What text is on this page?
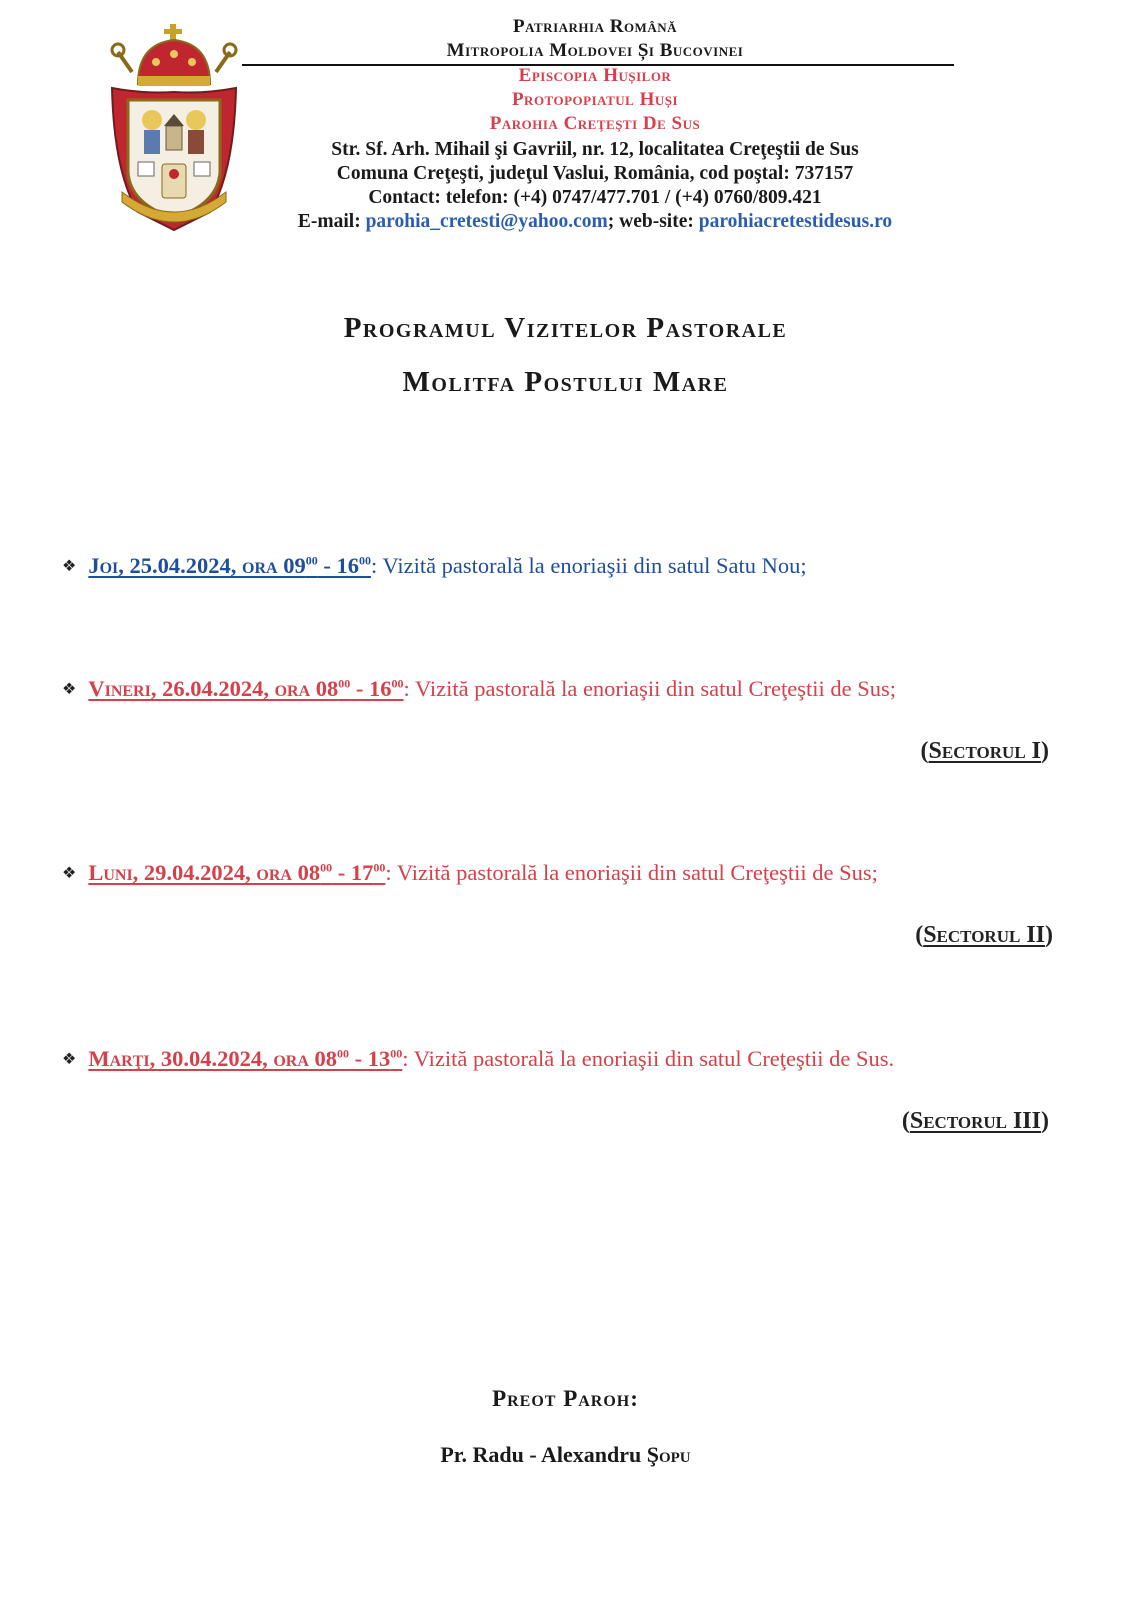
Patriarhia Română
Mitropolia Moldovei Și Bucovinei
Episcopia Hușilor
Protopopiatul Huși
Parohia Creţeşti De Sus
Str. Sf. Arh. Mihail şi Gavriil, nr. 12, localitatea Creţeştii de Sus
Comuna Creţeşti, judeţul Vaslui, România, cod poştal: 737157
Contact: telefon: (+4) 0747/477.701 / (+4) 0760/809.421
E-mail: parohia_cretesti@yahoo.com; web-site: parohiacretestidesus.ro
Programul Vizitelor Pastorale
Molitfa Postului Mare
❖ Joi, 25.04.2024, ora $09^{00} - 16^{00}$: Vizită pastorală la enoriaşii din satul Satu Nou;
❖ Vineri, 26.04.2024, ora $08^{00} - 16^{00}$: Vizită pastorală la enoriaşii din satul Creţeştii de Sus;
(Sectorul I)
❖ Luni, 29.04.2024, ora $08^{00} - 17^{00}$: Vizită pastorală la enoriaşii din satul Creţeştii de Sus;
(Sectorul II)
❖ Marţi, 30.04.2024, ora $08^{00} - 13^{00}$: Vizită pastorală la enoriaşii din satul Creţeştii de Sus.
(Sectorul III)
Preot Paroh:
Pr. Radu - Alexandru Şopu
